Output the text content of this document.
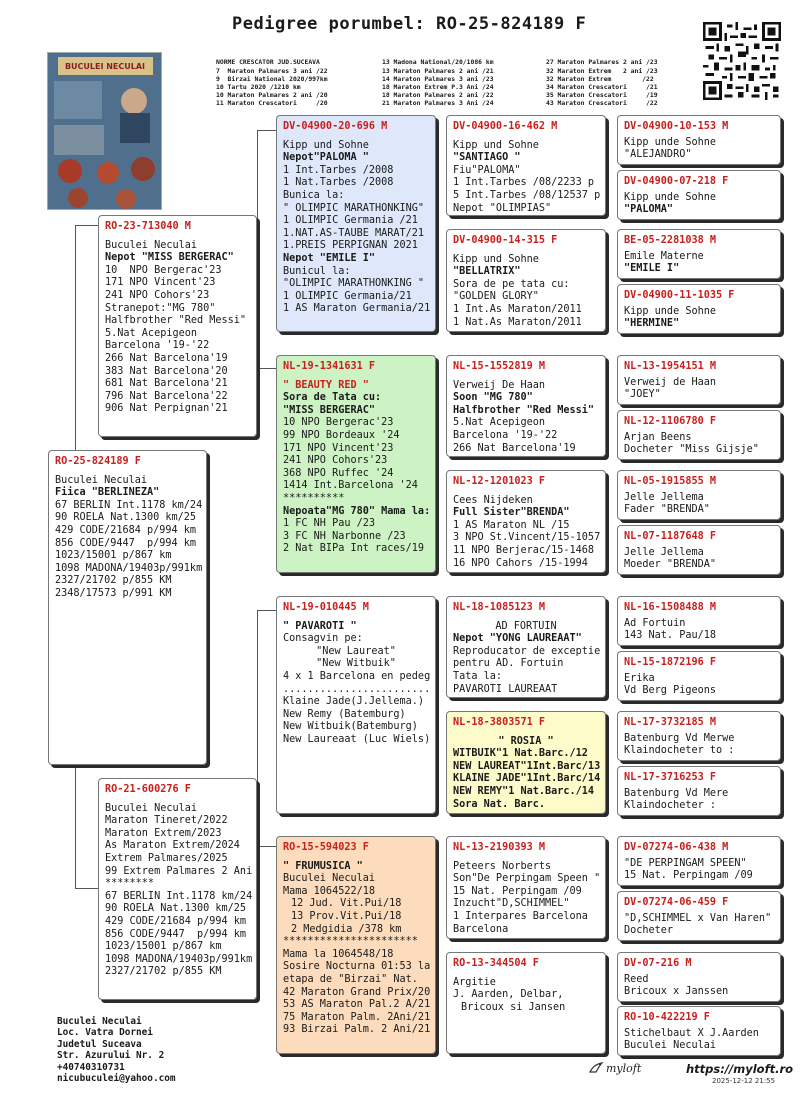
Pedigree porumbel: RO-25-824189 F

NORME CRESCATOR JUD.SUCEAVA
7  Maraton Palmares 3 ani /22
9  Birzai National 2020/997km
10 Tartu 2020 /1210 km
10 Maraton Palmares 2 ani /20
11 Maraton Crescatori     /20

13 Madona National/20/1086 km
13 Maraton Palmares 2 ani /21
14 Maraton Palmares 3 ani /23
18 Maraton Extrem P.3 Ani /24
18 Maraton Palmares 2 ani /22
21 Maraton Palmares 3 Ani /24

27 Maraton Palmares 2 ani /23
32 Maraton Extrem   2 ani /23
32 Maraton Extrem        /22
34 Maraton Crescatori     /21
35 Maraton Crescatori     /19
43 Maraton Crescatori     /22

BUCULEI NECULAI
RO-25-824189 F
Buculei Neculai
Fiica "BERLINEZA"
67 BERLIN Int.1178 km/24
90 ROELA Nat.1300 km/25
429 CODE/21684 p/994 km
856 CODE/9447  p/994 km
1023/15001 p/867 km
1098 MADONA/19403p/991km
2327/21702 p/855 KM
2348/17573 p/991 KM
RO-23-713040 M
Buculei Neculai
Nepot "MISS BERGERAC"
10  NPO Bergerac'23
171 NPO Vincent'23
241 NPO Cohors'23
Stranepot:"MG 780"
Halfbrother "Red Messi"
5.Nat Acepigeon
Barcelona '19-'22
266 Nat Barcelona'19
383 Nat Barcelona'20
681 Nat Barcelona'21
796 Nat Barcelona'22
906 Nat Perpignan'21
RO-21-600276 F
Buculei Neculai
Maraton Tineret/2022
Maraton Extrem/2023
As Maraton Extrem/2024
Extrem Palmares/2025
99 Extrem Palmares 2 Ani
********
67 BERLIN Int.1178 km/24
90 ROELA Nat.1300 km/25
429 CODE/21684 p/994 km
856 CODE/9447  p/994 km
1023/15001 p/867 km
1098 MADONA/19403p/991km
2327/21702 p/855 KM
DV-04900-20-696 M
Kipp und Sohne
Nepot"PALOMA "
1 Int.Tarbes /2008
1 Nat.Tarbes /2008
Bunica la:
" OLIMPIC MARATHONKING"
1 OLIMPIC Germania /21
1.NAT.AS-TAUBE MARAT/21
1.PREIS PERPIGNAN 2021
Nepot "EMILE I"
Bunicul la:
"OLIMPIC MARATHONKING "
1 OLIMPIC Germania/21
1 AS Maraton Germania/21
NL-19-1341631 F
" BEAUTY RED "
Sora de Tata cu:
"MISS BERGERAC"
10 NPO Bergerac'23
99 NPO Bordeaux '24
171 NPO Vincent'23
241 NPO Cohors'23
368 NPO Ruffec '24
1414 Int.Barcelona '24
**********
Nepoata"MG 780" Mama la:
1 FC NH Pau /23
3 FC NH Narbonne /23
2 Nat BIPa Int races/19
NL-19-010445 M
" PAVAROTI "
Consagvin pe:
"New Laureat"
"New Witbuik"
4 x 1 Barcelona en pedeg
........................
Klaine Jade(J.Jellema.)
New Remy (Batemburg)
New Witbuik(Batemburg)
New Laureaat (Luc Wiels)
RO-15-594023 F
" FRUMUSICA "
Buculei Neculai
Mama 1064522/18
12 Jud. Vit.Pui/18
13 Prov.Vit.Pui/18
2 Medgidia /378 km
**********************
Mama la 1064548/18
Sosire Nocturna 01:53 la
etapa de "Birzai" Nat.
42 Maraton Grand Prix/20
53 AS Maraton Pal.2 A/21
75 Maraton Palm. 2Ani/21
93 Birzai Palm. 2 Ani/21
DV-04900-16-462 M
Kipp und Sohne
"SANTIAGO "
Fiu"PALOMA"
1 Int.Tarbes /08/2233 p
5 Int.Tarbes /08/12537 p
Nepot "OLIMPIAS"
DV-04900-14-315 F
Kipp und Sohne
"BELLATRIX"
Sora de pe tata cu:
"GOLDEN GLORY"
1 Int.As Maraton/2011
1 Nat.As Maraton/2011
NL-15-1552819 M
Verweij De Haan
Soon "MG 780"
Halfbrother "Red Messi"
5.Nat Acepigeon
Barcelona '19-'22
266 Nat Barcelona'19
NL-12-1201023 F
Cees Nijdeken
Full Sister"BRENDA"
1 AS Maraton NL /15
3 NPO St.Vincent/15-1057
11 NPO Berjerac/15-1468
16 NPO Cahors /15-1994
NL-18-1085123 M
AD FORTUIN
Nepot "YONG LAUREAAT"
Reproducator de exceptie
pentru AD. Fortuin
Tata la:
PAVAROTI LAUREAAT
NL-18-3803571 F
" ROSIA "
WITBUIK"1 Nat.Barc./12
NEW LAUREAT"1Int.Barc/13
KLAINE JADE"1Int.Barc/14
NEW REMY"1 Nat.Barc./14
Sora Nat. Barc.
NL-13-2190393 M
Peteers Norberts
Son"De Perpingam Speen "
15 Nat. Perpingam /09
Inzucht"D,SCHIMMEL"
1 Interpares Barcelona
Barcelona
RO-13-344504 F
Argitie
J. Aarden, Delbar,
Bricoux si Jansen
DV-04900-10-153 M
Kipp unde Sohne
"ALEJANDRO"
DV-04900-07-218 F
Kipp unde Sohne
"PALOMA"
BE-05-2281038 M
Emile Materne
"EMILE I"
DV-04900-11-1035 F
Kipp unde Sohne
"HERMINE"
NL-13-1954151 M
Verweij de Haan
"JOEY"
NL-12-1106780 F
Arjan Beens
Docheter "Miss Gijsje"
NL-05-1915855 M
Jelle Jellema
Fader "BRENDA"
NL-07-1187648 F
Jelle Jellema
Moeder "BRENDA"
NL-16-1508488 M
Ad Fortuin
143 Nat. Pau/18
NL-15-1872196 F
Erika
Vd Berg Pigeons
NL-17-3732185 M
Batenburg Vd Merwe
Klaindocheter to :
NL-17-3716253 F
Batenburg Vd Mere
Klaindocheter :
DV-07274-06-438 M
"DE PERPINGAM SPEEN"
15 Nat. Perpingam /09
DV-07274-06-459 F
"D,SCHIMMEL x Van Haren"
Docheter
DV-07-216 M
Reed
Bricoux x Janssen
RO-10-422219 F
Stichelbaut X J.Aarden
Buculei Neculai
Buculei Neculai
Loc. Vatra Dornei
Judetul Suceava
Str. Azurului Nr. 2
+40740310731
nicubuculei@yahoo.com
myloft	https://myloft.ro
2025-12-12 21:55
